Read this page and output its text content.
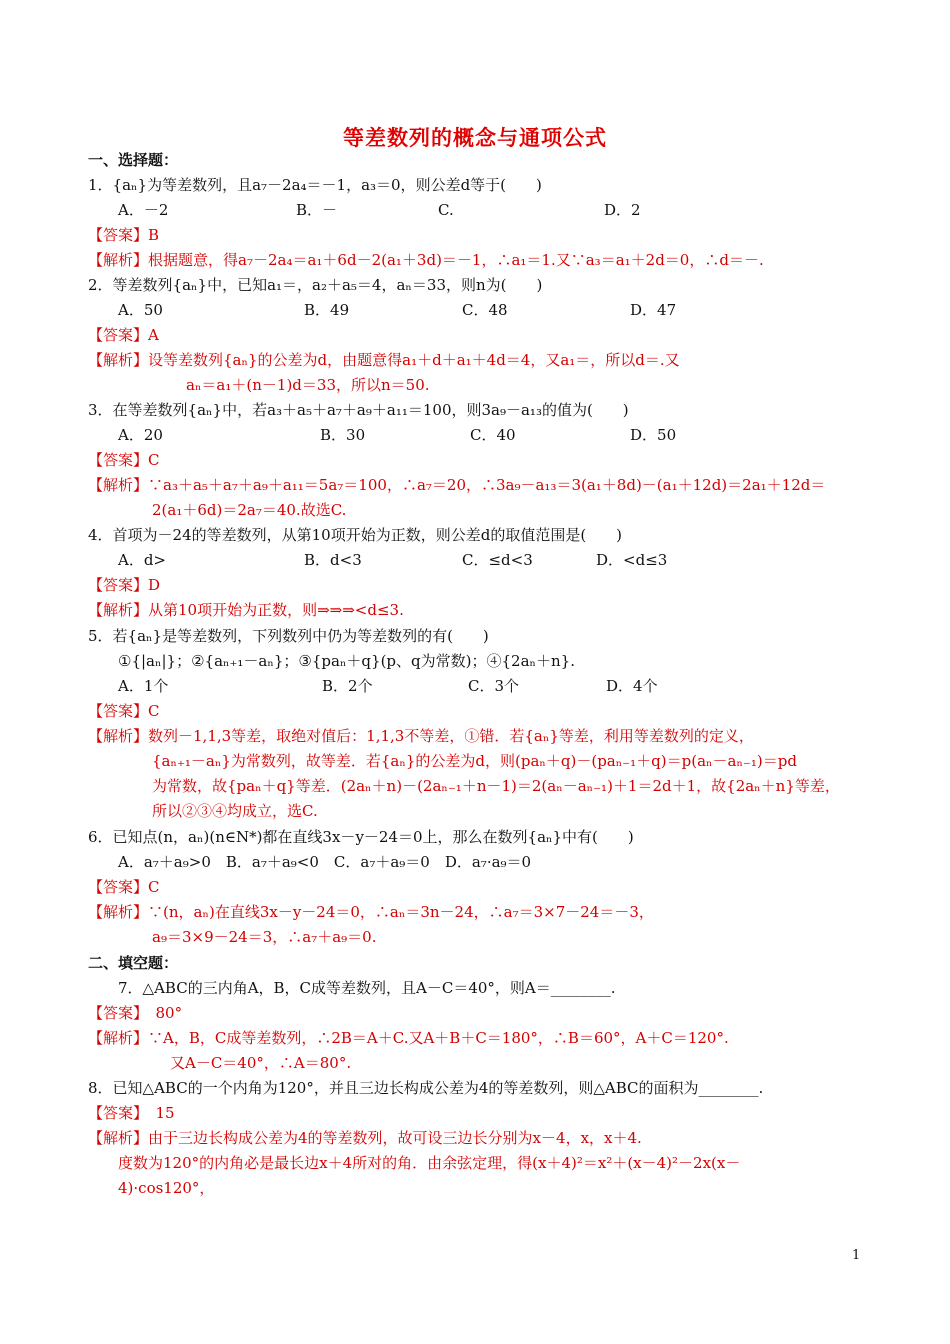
等差数列的概念与通项公式
一、选择题：
1．{aₙ}为等差数列，且a₇－2a₄＝－1，a₃＝0，则公差d等于(　　)
A．－2	B．－	C.	D．2
【答案】B
【解析】根据题意，得a₇－2a₄＝a₁＋6d－2(a₁＋3d)＝－1，∴a₁＝1.又∵a₃＝a₁＋2d＝0，∴d＝－.
2．等差数列{aₙ}中，已知a₁＝，a₂＋a₅＝4，aₙ＝33，则n为(　　)
A．50	B．49	C．48	D．47
【答案】A
【解析】设等差数列{aₙ}的公差为d，由题意得a₁＋d＋a₁＋4d＝4，又a₁＝，所以d＝.又
aₙ＝a₁＋(n－1)d＝33，所以n＝50.
3．在等差数列{aₙ}中，若a₃＋a₅＋a₇＋a₉＋a₁₁＝100，则3a₉－a₁₃的值为(　　)
A．20	B．30	C．40	D．50
【答案】C
【解析】∵a₃＋a₅＋a₇＋a₉＋a₁₁＝5a₇＝100，∴a₇＝20，∴3a₉－a₁₃＝3(a₁＋8d)－(a₁＋12d)＝2a₁＋12d＝
2(a₁＋6d)＝2a₇＝40.故选C.
4．首项为－24的等差数列，从第10项开始为正数，则公差d的取值范围是(　　)
A．d>	B．d<3	C．≤d<3	D．<d≤3
【答案】D
【解析】从第10项开始为正数，则⇒⇒⇒<d≤3.
5．若{aₙ}是等差数列，下列数列中仍为等差数列的有(　　)
①{|aₙ|}；②{aₙ₊₁－aₙ}；③{paₙ＋q}(p、q为常数)；④{2aₙ＋n}.
A．1个	B．2个	C．3个	D．4个
【答案】C
【解析】数列－1,1,3等差，取绝对值后：1,1,3不等差，①错．若{aₙ}等差，利用等差数列的定义，
{aₙ₊₁－aₙ}为常数列，故等差．若{aₙ}的公差为d，则(paₙ＋q)－(paₙ₋₁＋q)＝p(aₙ－aₙ₋₁)＝pd
为常数，故{paₙ＋q}等差．(2aₙ＋n)－(2aₙ₋₁＋n－1)＝2(aₙ－aₙ₋₁)＋1＝2d＋1，故{2aₙ＋n}等差，
所以②③④均成立，选C.
6．已知点(n，aₙ)(n∈N*)都在直线3x－y－24＝0上，那么在数列{aₙ}中有(　　)
A．a₇＋a₉>0　B．a₇＋a₉<0　C．a₇＋a₉＝0　D．a₇·a₉＝0
【答案】C
【解析】∵(n，aₙ)在直线3x－y－24＝0，∴aₙ＝3n－24，∴a₇＝3×7－24＝－3，
a₉＝3×9－24＝3，∴a₇＋a₉＝0.
二、填空题：
7．△ABC的三内角A，B，C成等差数列，且A－C＝40°，则A＝________.
【答案】　80°
【解析】∵A，B，C成等差数列，∴2B＝A＋C.又A＋B＋C＝180°，∴B＝60°，A＋C＝120°.
又A－C＝40°，∴A＝80°.
8．已知△ABC的一个内角为120°，并且三边长构成公差为4的等差数列，则△ABC的面积为________.
【答案】　15
【解析】由于三边长构成公差为4的等差数列，故可设三边长分别为x－4，x，x＋4.
度数为120°的内角必是最长边x＋4所对的角．由余弦定理，得(x＋4)²＝x²＋(x－4)²－2x(x－
4)·cos120°，
1
